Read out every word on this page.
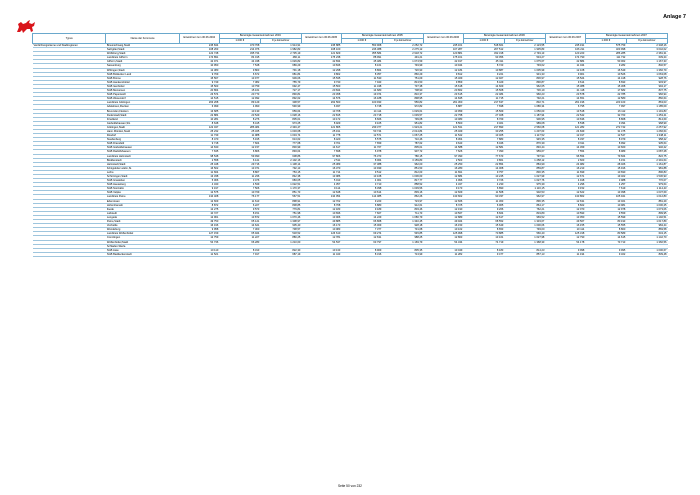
Anlage 7
Typus	Name der Kommune	Einwohner zum 30.06.2004	Bereinigte Gesamteinnahmen 2004		Einwohner zum 30.06.2005	Bereinigte Gesamteinnahmen 2005		Einwohner zum 30.06.2006	Bereinigte Gesamteinnahmen 2006		Einwohner zum 30.06.2007	Bereinigte Gesamteinnahmen 2007	
			1.000 €	€ je Einwohner		1.000 €	€ je Einwohner		1.000 €	€ je Einwohner		1.000 €	€ je Einwohner
Verdichtungsräume und Stadtregionen	Braunschweig,Stadt	245 844	470 768	1 914,91	245 885	553 908	2 252,72	245 161	518 661	2 123,55	245 191	575 759	2 348,16
	Salzgitter,Stadt	108 263	214 076	1 982,82	108 100	246 388	2 275,12	107 287	207 512	1 935,83	106 211	323 998	3 042,02
	Wolfsburg,Stadt	122 748	335 734	2 735,19	121 829	355 584	2 918,72	120 881	332 318	2 749,13	120 223	286 285	2 381,31
	Landkreis Gifhorn	174 891	84 015	480,11	175 238	88 991	491,21	175 161	93 056	534,27	174 790	111 732	639,24
	Gifhorn,Stadt	42 971	44 348	1 029,82	42 834	45 484	1 074,59	42 917	45 311	1 075,67	42 884	50 062	1 167,33
	Sassenburg	10 950	7 548	689,29	10 846	8 161	749,99	10 944	8 723	793,62	11 044	9 282	840,57
	Wittingen,Stadt	12 380	9 803	791,18	12 298	8 864	720,93	12 184	10 887	1 005,99	12 108	16 549	1 366,79
	SGB Boldecker Land	9 769	6 672	681,84	9 802	8 357	860,29	9 812	9 221	931,33	9 901	10 526	1 063,08
	SGB Brome	15 567	13 977	909,06	15 535	11 530	751,09	15 469	12 927	836,97	15 524	14 418	928,76
	SGB Hankensbüttel	9 749	7 382	755,79	9 730	7 943	813,50	9 859	8 429	890,87	9 614	8 693	903,97
	SGB Isenbüttel	15 503	10 759	692,47	15 560	11 438	737,38	15 618	14 609	962,65	15 388	15 308	994,17
	SGB Meinersen	20 864	15 161	727,17	20 844	14 680	708,90	20 862	15 508	736,19	21 118	17 682	837,75
	SGB Papenteich	23 574	20 773	890,81	23 458	19 074	810,37	23 615	22 484	960,23	23 578	22 785	966,94
	SGB Wesendorf	14 515	12 992	892,62	14 576	16 188	898,95	14 845	11 715	792,21	14 651	12 580	860,64
	Landkreis Göttingen	263 268	89 129	338,57	262 560	100 933	556,82	261 360	217 637	832,71	261 196	223 103	863,03
	Adelebsen,Flecken	6 999	4 990	590,99	6 937	6 748	972,82	6 887	7 698	1 086,34	6 795	7 997	1 185,09
	Bovenden,Flecken	13 685	10 130	659,64	13 708	14 114	1 029,61	13 959	15 569	1 050,00	13 518	16 112	1 191,83
	Duderstadt,Stadt	22 884	23 529	1 028,16	22 815	23 718	1 039,57	22 758	27 028	1 187,94	22 542	32 763	1 453,41
	Friedland	10 281	8 276	805,01	10 172	8 666	799,68	10 083	8 769	906,95	10 636	8 868	814,69
	Gieboldehausen,SG	8 648	8 415	973,25	8 929	9 105	951,82	8 560	9 461	989,08	8 538	9 394	968,99
	Göttingen,Stadt	122 047	286 484	2 349,47	121 865	239 377	1 923,21	121 531	217 893	2 560,08	121 282	272 742	2 257,92
	Hann.Münden,Stadt	25 232	25 325	1 003,68	25 191	50 744	2 014,84	25 029	30 255	1 207,63	24 849	31 475	1 266,64
	Rosdorf	11 739	11 988	1 004,74	11 778	12 571	1 067,25	11 542	13 405	1 117,52	12 017	12 547	1 048,11
	Staufenberg	8 470	5 195	613,62	8 420	5 575	710,46	8 364	7 883	945,35	8 337	8 079	958,22
	SGB Dransfeld	9 718	7 604	777,68	9 701	7 659	787,62	9 643	8 046	876,39	9 611	8 992	935,64
	SGB Gieboldehausen	14 630	12 157	830,99	14 617	11 767	805,01	14 588	12 581	846,44	14 459	13 660	946,22
	SGB Radolfshausen	7 635	6 806	893,04	7 698	6 978	907,72	7 626	7 390	959,67	7 554	8 989	1 087,28
	Landkreis Helmstedt	98 548	59 990	608,86	97 806	76 373	780,15	97 390	77 673	797,94	96 554	79 664	822,75
	Büddenstedt	2 558	6 141	2 102,16	2 511	8 064	3 159,83	2 503	3 861	1 258,12	2 603	6 151	2 391,64
	Helmstedt,Stadt	25 448	29 716	1 138,14	25 389	37 388	962,00	25 250	22 854	884,99	24 982	28 026	1 161,87
	Königslutter a.Elm,St.	16 502	13 071	792,13	16 370	13 939	851,53	16 280	14 008	859,87	16 213	15 916	981,88
	Lehre	11 664	8 807	753,15	11 714	9 512	812,03	11 691	9 757	830,35	11 699	10 690	896,83
	Schöningen,Stadt	13 338	11 236	842,38	13 086	13 168	1 006,63	12 884	13 245	1 027,99	12 671	19 402	1 530,93
	SGB Grasleben	5 066	3 476	683,05	5 013	4 001	817,77	4 996	3 726	1 027,76	4 918	3 988	770,07
	SGB Heeseberg	4 430	4 539	1 022,51	4 357	3 710	858,52	4 347	4 230	975,39	4 296	4 257	979,64
	SGB Nord-Elm	9 197	7 506	1 170,37	9 114	8 398	1 039,56	9 173	6 890	1 116,15	9 152	7 619	1 114,43
	SGB Velpke	12 575	10 709	851,73	12 648	10 614	839,16	12 609	11 508	902,53	12 622	13 098	1 037,69
	Landkreis Peine	134 408	76 177	567,51	134 054	114 085	862,26	133 662	90 337	962,97	133 862	105 941	1 012,80
	Edemissen	12 669	11 613	898,91	12 702	9 223	723,97	12 666	11 363	896,35	12 631	13 021	881,29
	Hohenhameln	8 872	6 227	838,85	8 768	6 880	912,61	8 725	6 965	864,17	8 822	10 981	1 000,25
	Ilsede	12 275	9 573	779,81	12 183	9 189	803,46	12 190	9 266	762,21	12 070	12 978	1 073,06
	Lahstedt	10 727	8 151	751,98	10 696	7 607	711,73	10 567	8 664	819,89	10 593	9 559	899,95
	Lengede	12 961	13 872	1 070,46	13 006	14 229	1 080,79	12 889	12 617	969,52	13 050	15 599	1 192,51
	Peine,Stadt	49 750	65 121	1 308,97	49 885	66 868	1 340,45	49 924	68 552	1 333,67	49 567	80 193	1 617,89
	Vechelde	16 196	14 621	905,40	16 173	15 009	928,18	16 153	15 649	1 000,06	16 155	15 555	984,44
	Wendeburg	9 958	7 300	738,57	10 083	7 377	731,68	10 102	8 653	793,00	10 114	8 800	869,58
	Landkreis Wolfenbüttel	127 159	65 924	518,52	126 610	69 274	545,85	125 998	70 885	566,40	125 318	80 589	643,15
	Cremlingen	12 759	11 227	880,25	12 781	12 631	988,25	12 803	13 161	1 027,98	12 790	14 615	1 142,70
	Wolfenbüttel,Stadt	54 736	66 283	1 210,60	54 537	63 797	1 169,79	54 344	74 719	1 368,30	54 178	73 713	1 360,56
	Schladen-Werla												
	SGB Asse	10 110	8 313	822,30	10 133	8 909	805,35	10 049	8 183	814,23	9 998	9 995	1 000,67
	SGB Baddeckenstedt	11 521	7 917	687,19	11 443	8 316	713,99	11 282	9 477	857,13	11 194	9 322	839,48
Seite 50 von 232
